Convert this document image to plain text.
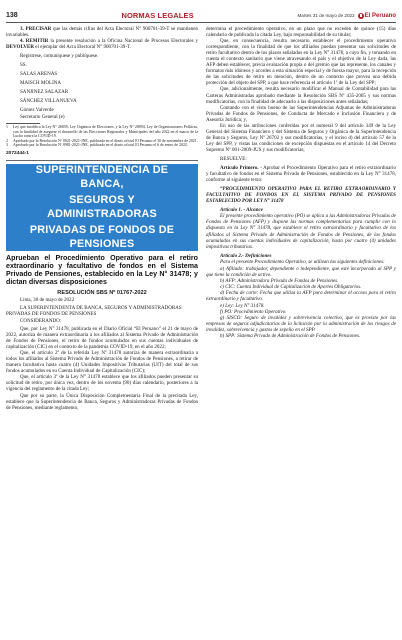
138	NORMAS LEGALES	Martes 31 de mayo de 2022 El Peruano

3. PRECISAR que las demás cifras del Acta Electoral N° 900701-39-T se mantienen invariables.

4. REMITIR la presente resolución a la Oficina Nacional de Procesos Electorales y DEVOLVER el ejemplar del Acta Electoral N° 900701-39-T.

Regístrese, comuníquese y publíquese.

SS.

SALAS ARENAS

MAISCH MOLINA

SANJINEZ SALAZAR

SÁNCHEZ VILLANUEVA

Gómez Valverde

Secretario General (e)

1	Ley que modifica la Ley N° 26859, Ley Orgánica de Elecciones, y la Ley N° 28094, Ley de Organizaciones Políticas, con la finalidad de asegurar el desarrollo de las Elecciones Regionales y Municipales del año 2022 en el marco de la Lucha contra la COVID-19.
2	Aprobado por la Resolución Nº 0921-2021-JNE, publicada en el diario oficial El Peruano el 30 de noviembre de 2021.
3	Aprobado por la Resolución Nº 0981-2021-JNE, publicada en el diario oficial El Peruano el 6 de enero de 2022.

2072444-1

SUPERINTENDENCIA DE BANCA,
SEGUROS Y ADMINISTRADORAS
PRIVADAS DE FONDOS DE PENSIONES

Aprueban el Procedimiento Operativo para el retiro extraordinario y facultativo de fondos en el Sistema Privado de Pensiones, establecido en la Ley N° 31478; y dictan diversas disposiciones

RESOLUCIÓN SBS Nº 01767-2022

Lima, 30 de mayo de 2022

LA SUPERINTENDENTA DE BANCA, SEGUROS Y ADMINISTRADORAS PRIVADAS DE FONDOS DE PENSIONES

CONSIDERANDO:

Que, por Ley N° 31478, publicada en el Diario Oficial “El Peruano” el 21 de mayo de 2022, autoriza de manera extraordinaria a los afiliados al Sistema Privado de Administración de Fondos de Pensiones, el retiro de fondos acumulados en sus cuentas individuales de capitalización (CIC) en el contexto de la pandemia COVID-19, en el año 2022;

Que, el artículo 2º de la referida Ley Nº 31478 autoriza de manera extraordinaria a todos los afiliados al Sistema Privado de Administración de Fondos de Pensiones, a retirar de manera facultativa hasta cuatro (4) Unidades Impositivas Tributarias (UIT) del total de sus fondos acumulados en su Cuenta Individual de Capitalización (CIC);

Que, el artículo 3º de la Ley N° 31478 establece que los afiliados pueden presentar su solicitud de retiro, por única vez, dentro de los noventa (90) días calendario, posteriores a la vigencia del reglamento de la citada Ley;

Que por su parte, la Única Disposición Complementaria Final de la precitada Ley, establece que la Superintendencia de Banca, Seguros y Administradoras Privadas de Fondos de Pensiones, mediante reglamento,

determina el procedimiento operativo, en un plazo que no exceden de quince (15) días calendario de publicada la citada Ley, bajo responsabilidad de su titular;

Que, en consecuencia, resulta necesario establecer el procedimiento operativo correspondiente, con la finalidad de que los afiliados puedan presentar sus solicitudes de retiro facultativo dentro de los plazos señalados en la Ley N° 31478, a cuyo fin, y tomando en cuenta el contexto sanitario que viene atravesando el país y el objetivo de la Ley dada, las AFP deben establecer, previa evaluación propia o del gremio que las represente, los canales y formatos más idóneos y acordes a esta situación especial y de fuerza mayor, para la recepción de las solicitudes de retiro en mención, dentro de un contexto que provea una debida protección del objeto del SPP, a que hace referencia el artículo 1º de la Ley del SPP;

Que, adicionalmente, resulta necesario modificar el Manual de Contabilidad para las Carteras Administradas aprobado mediante la Resolución SBS Nº 435-2005 y sus normas modificatorias, con la finalidad de adecuarlo a las disposiciones antes señaladas;

Contando con el visto bueno de las Superintendencias Adjuntas de Administradoras Privadas de Fondos de Pensiones, de Conducta de Mercado e Inclusión Financiera y de Asesoría Jurídica; y,

En uso de las atribuciones conferidas por el numeral 9 del artículo 349 de la Ley General del Sistema Financiero y del Sistema de Seguros y Orgánica de la Superintendencia de Banca y Seguros, Ley Nº 26702 y sus modificatorias, y el inciso d) del artículo 57 de la Ley del SPP, y vistas las condiciones de excepción dispuestas en el artículo 14 del Decreto Supremo Nº 001-2009-JUS y sus modificatorias;

RESUELVE:

Artículo Primero. - Aprobar el Procedimiento Operativo para el retiro extraordinario y facultativo de fondos en el Sistema Privado de Pensiones, establecido en la Ley N° 31478, conforme al siguiente texto:

“PROCEDIMIENTO OPERATIVO PARA EL RETIRO EXTRAORDINARIO Y FACULTATIVO DE FONDOS EN EL SISTEMA PRIVADO DE PENSIONES ESTABLECIDO POR LEY N° 31478

Artículo 1. - Alcance

El presente procedimiento operativo (PO) se aplica a las Administradoras Privadas de Fondos de Pensiones (AFP) y dispone las normas complementarias para cumplir con lo dispuesto en la Ley N° 31478, que establece el retiro extraordinario y facultativo de los afiliados al Sistema Privado de Administración de Fondos de Pensiones, de los fondos acumulados en sus cuentas individuales de capitalización, hasta por cuatro (4) unidades impositivas tributarias.

Artículo 2.- Definiciones

Para el presente Procedimiento Operativo, se utilizan las siguientes definiciones:

a) Afiliado: trabajador, dependiente o independiente, que esté incorporado al SPP y que tiene la condición de activo.

b) AFP: Administradora Privada de Fondos de Pensiones.

c) CIC: Cuenta Individual de Capitalización de Aportes Obligatorios.

d) Fecha de corte: Fecha que utiliza la AFP para determinar el acceso para el retiro extraordinario y facultativo.

e) Ley: Ley N° 31478.

f) PO: Procedimiento Operativo.

g) SISCO: Seguro de invalidez y sobrevivencia colectivo, que es provisto por las empresas de seguros adjudicatarias de la licitación por la administración de los riesgos de invalidez, sobrevivencia y gastos de sepelio en el SPP.

h) SPP: Sistema Privado de Administración de Fondos de Pensiones.
